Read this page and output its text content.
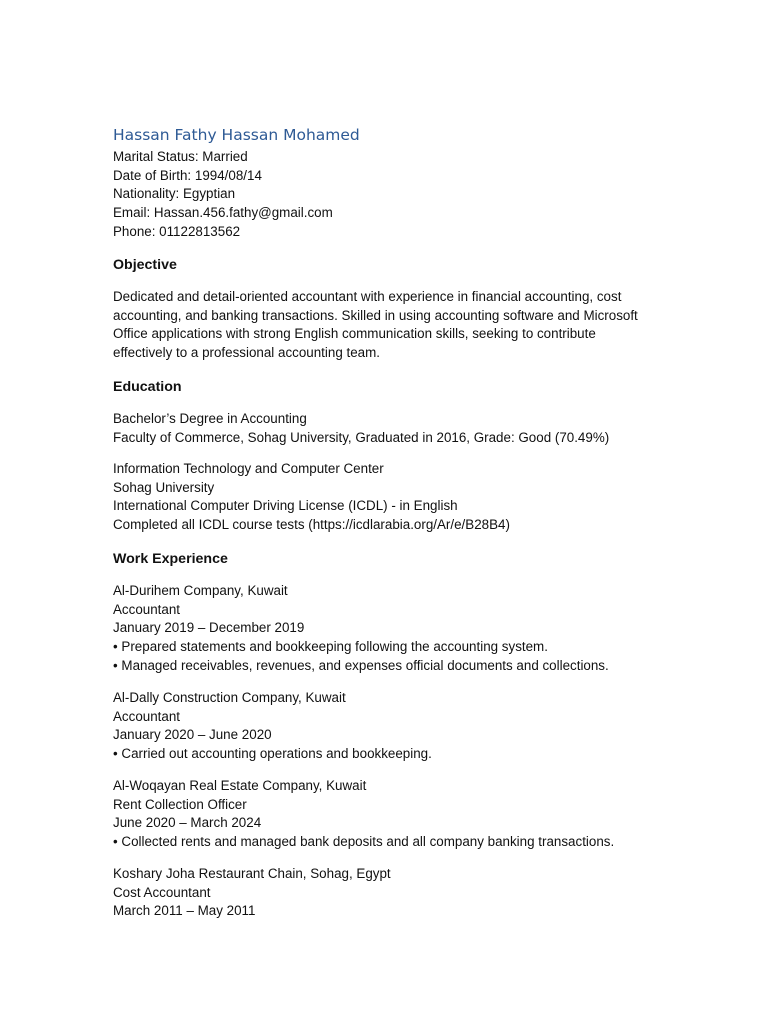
Hassan Fathy Hassan Mohamed
Marital Status: Married
Date of Birth: 1994/08/14
Nationality: Egyptian
Email: Hassan.456.fathy@gmail.com
Phone: 01122813562
Objective
Dedicated and detail-oriented accountant with experience in financial accounting, cost
accounting, and banking transactions. Skilled in using accounting software and Microsoft
Office applications with strong English communication skills, seeking to contribute
effectively to a professional accounting team.
Education
Bachelor’s Degree in Accounting
Faculty of Commerce, Sohag University, Graduated in 2016, Grade: Good (70.49%)
Information Technology and Computer Center
Sohag University
International Computer Driving License (ICDL) - in English
Completed all ICDL course tests (https://icdlarabia.org/Ar/e/B28B4)
Work Experience
Al-Durihem Company, Kuwait
Accountant
January 2019 – December 2019
• Prepared statements and bookkeeping following the accounting system.
• Managed receivables, revenues, and expenses official documents and collections.
Al-Dally Construction Company, Kuwait
Accountant
January 2020 – June 2020
• Carried out accounting operations and bookkeeping.
Al-Woqayan Real Estate Company, Kuwait
Rent Collection Officer
June 2020 – March 2024
• Collected rents and managed bank deposits and all company banking transactions.
Koshary Joha Restaurant Chain, Sohag, Egypt
Cost Accountant
March 2011 – May 2011
